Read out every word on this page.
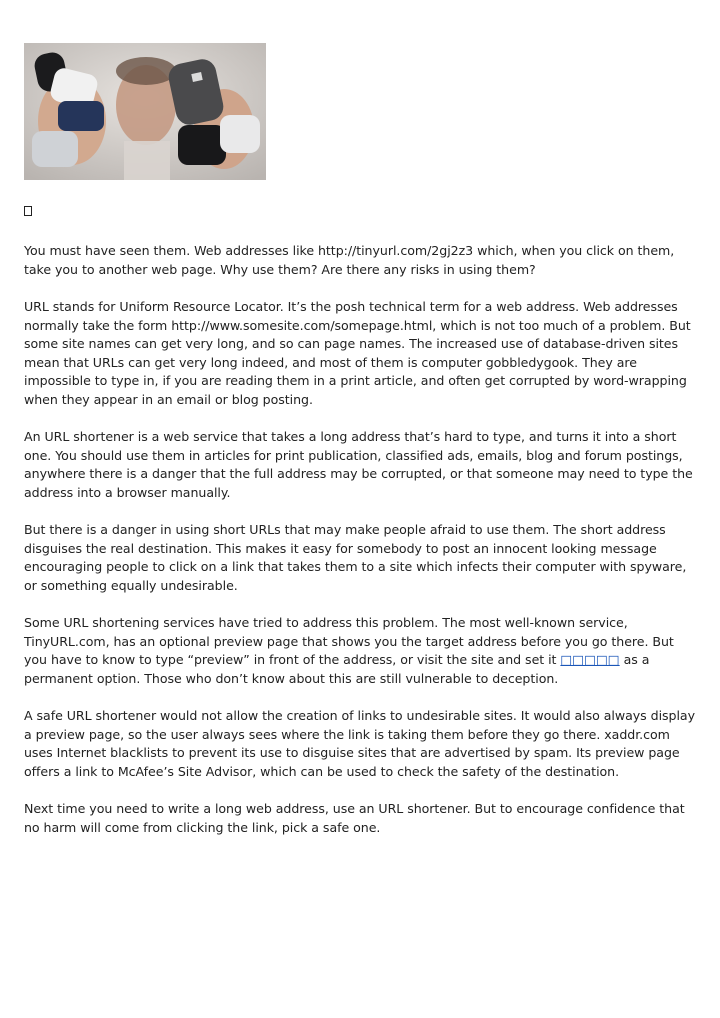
You must have seen them. Web addresses like http://tinyurl.com/2gj2z3 which, when you click on them, take you to another web page. Why use them? Are there any risks in using them?

URL stands for Uniform Resource Locator. It’s the posh technical term for a web address. Web addresses normally take the form http://www.somesite.com/somepage.html, which is not too much of a problem. But some site names can get very long, and so can page names. The increased use of database-driven sites mean that URLs can get very long indeed, and most of them is computer gobbledygook. They are impossible to type in, if you are reading them in a print article, and often get corrupted by word-wrapping when they appear in an email or blog posting.

An URL shortener is a web service that takes a long address that’s hard to type, and turns it into a short one. You should use them in articles for print publication, classified ads, emails, blog and forum postings, anywhere there is a danger that the full address may be corrupted, or that someone may need to type the address into a browser manually.

But there is a danger in using short URLs that may make people afraid to use them. The short address disguises the real destination. This makes it easy for somebody to post an innocent looking message encouraging people to click on a link that takes them to a site which infects their computer with spyware, or something equally undesirable.

Some URL shortening services have tried to address this problem. The most well-known service, TinyURL.com, has an optional preview page that shows you the target address before you go there. But you have to know to type “preview” in front of the address, or visit the site and set it □□□□□ as a permanent option. Those who don’t know about this are still vulnerable to deception.

A safe URL shortener would not allow the creation of links to undesirable sites. It would also always display a preview page, so the user always sees where the link is taking them before they go there. xaddr.com uses Internet blacklists to prevent its use to disguise sites that are advertised by spam. Its preview page offers a link to McAfee’s Site Advisor, which can be used to check the safety of the destination.

Next time you need to write a long web address, use an URL shortener. But to encourage confidence that no harm will come from clicking the link, pick a safe one.
